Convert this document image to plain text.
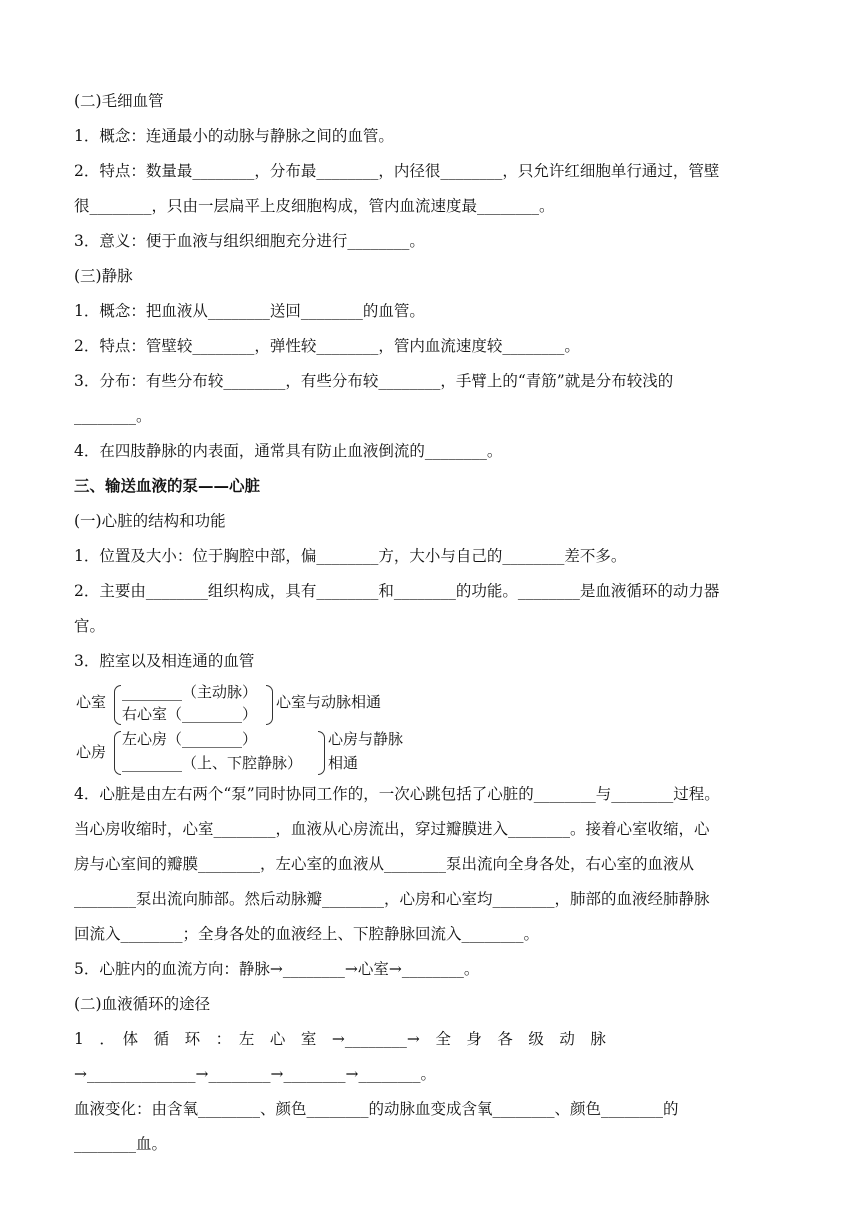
(二)毛细血管
1．概念：连通最小的动脉与静脉之间的血管。
2．特点：数量最________，分布最________，内径很________，只允许红细胞单行通过，管壁
很________，只由一层扁平上皮细胞构成，管内血流速度最________。
3．意义：便于血液与组织细胞充分进行________。
(三)静脉
1．概念：把血液从________送回________的血管。
2．特点：管壁较________，弹性较________，管内血流速度较________。
3．分布：有些分布较________，有些分布较________，手臂上的“青筋”就是分布较浅的
________。
4．在四肢静脉的内表面，通常具有防止血液倒流的________。
三、输送血液的泵——心脏
(一)心脏的结构和功能
1．位置及大小：位于胸腔中部，偏________方，大小与自己的________差不多。
2．主要由________组织构成，具有________和________的功能。________是血液循环的动力器
官。
3．腔室以及相连通的血管
心室
________（主动脉）
右心室（________）
心室与动脉相通
心房
左心房（________）
________（上、下腔静脉）
心房与静脉
相通
4．心脏是由左右两个“泵”同时协同工作的，一次心跳包括了心脏的________与________过程。
当心房收缩时，心室________，血液从心房流出，穿过瓣膜进入________。接着心室收缩，心
房与心室间的瓣膜________，左心室的血液从________泵出流向全身各处，右心室的血液从
________泵出流向肺部。然后动脉瓣________，心房和心室均________，肺部的血液经肺静脉
回流入________；全身各处的血液经上、下腔静脉回流入________。
5．心脏内的血流方向：静脉→________→心室→________。
(二)血液循环的途径
1　．　体　循　环　：　左　心　室　→________→　全　身　各　级　动　脉
→______________→________→________→________。
血液变化：由含氧________、颜色________的动脉血变成含氧________、颜色________的
________血。
